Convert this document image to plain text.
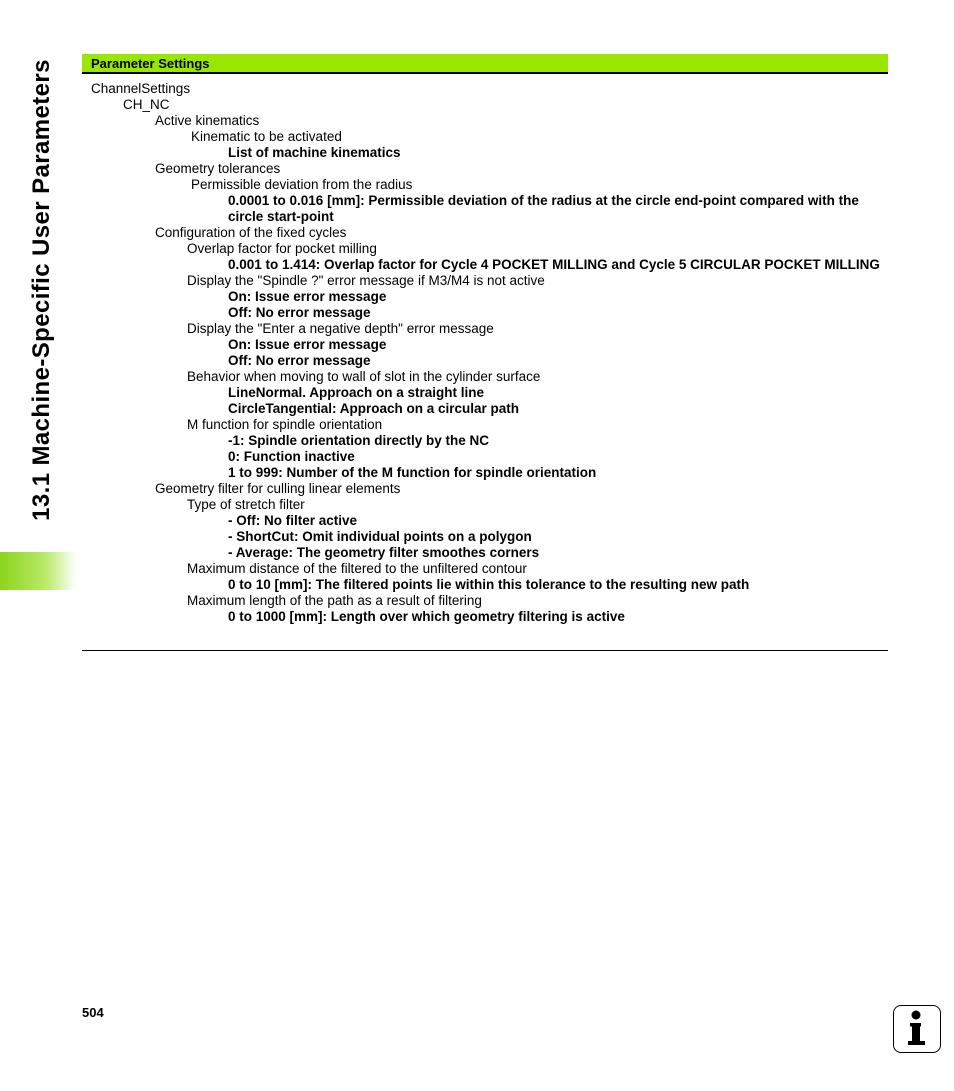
13.1 Machine-Specific User Parameters	Parameter Settings
ChannelSettings
CH_NC
Active kinematics
Kinematic to be activated
List of machine kinematics
Geometry tolerances
Permissible deviation from the radius
0.0001 to 0.016 [mm]: Permissible deviation of the radius at the circle end-point compared with the circle start-point
Configuration of the fixed cycles
Overlap factor for pocket milling
0.001 to 1.414: Overlap factor for Cycle 4 POCKET MILLING and Cycle 5 CIRCULAR POCKET MILLING
Display the "Spindle ?" error message if M3/M4 is not active
On: Issue error message
Off: No error message
Display the "Enter a negative depth" error message
On: Issue error message
Off: No error message
Behavior when moving to wall of slot in the cylinder surface
LineNormal. Approach on a straight line
CircleTangential: Approach on a circular path
M function for spindle orientation
-1: Spindle orientation directly by the NC
0: Function inactive
1 to 999: Number of the M function for spindle orientation
Geometry filter for culling linear elements
Type of stretch filter
- Off: No filter active
- ShortCut: Omit individual points on a polygon
- Average: The geometry filter smoothes corners
Maximum distance of the filtered to the unfiltered contour
0 to 10 [mm]: The filtered points lie within this tolerance to the resulting new path
Maximum length of the path as a result of filtering
0 to 1000 [mm]: Length over which geometry filtering is active
504
